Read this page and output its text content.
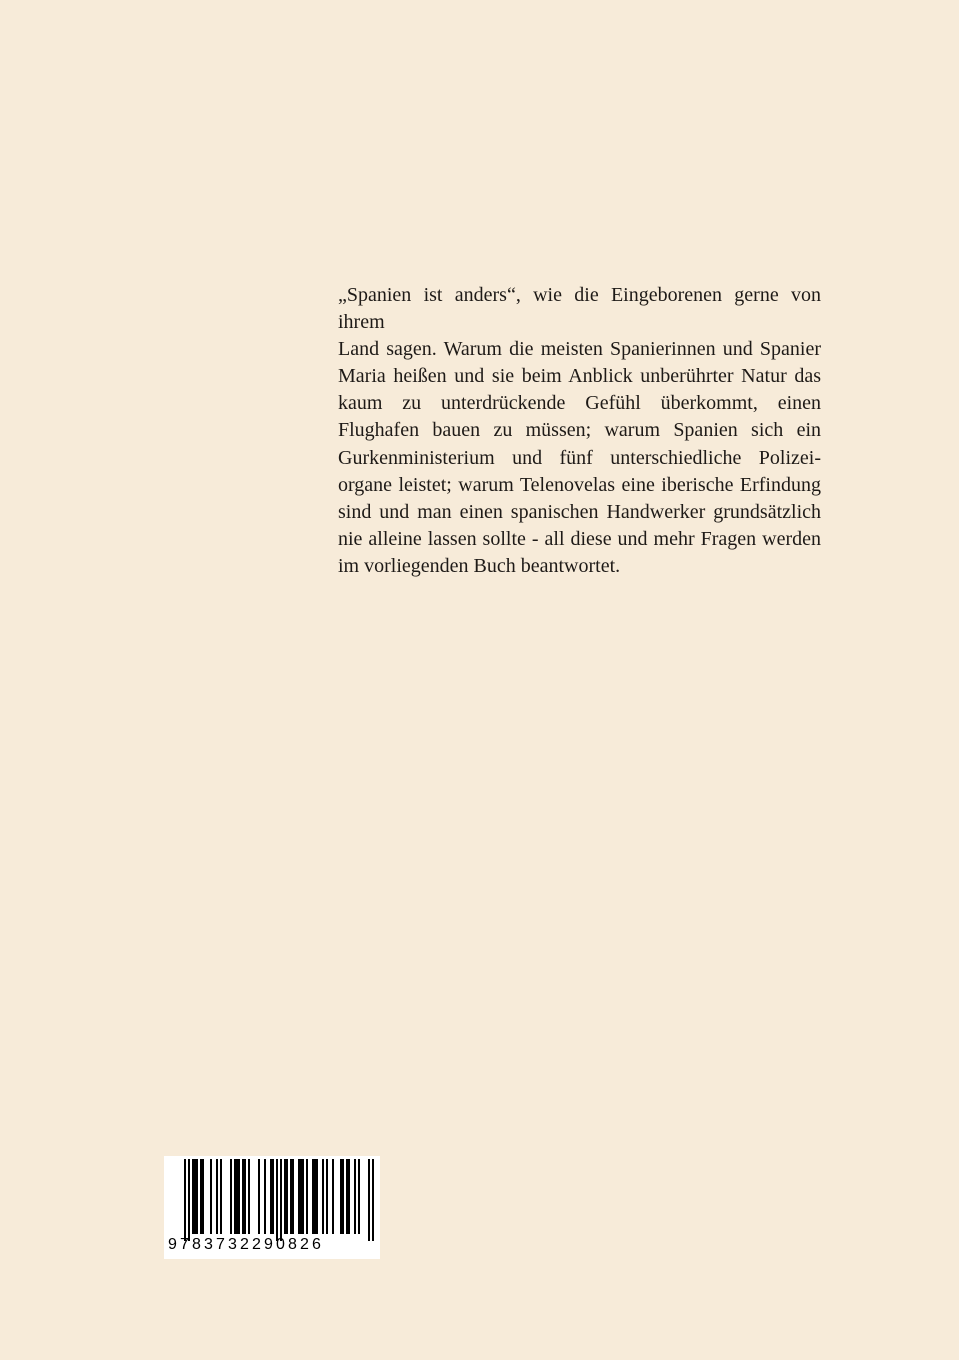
„Spanien ist anders“, wie die Eingeborenen gerne von ihrem
Land sagen. Warum die meisten Spanierinnen und Spanier
Maria heißen und sie beim Anblick unberührter Natur das
kaum zu unterdrückende Gefühl überkommt, einen
Flughafen bauen zu müssen; warum Spanien sich ein
Gurkenministerium und fünf unterschiedliche Polizei-
organe leistet; warum Telenovelas eine iberische Erfindung
sind und man einen spanischen Handwerker grundsätzlich
nie alleine lassen sollte - all diese und mehr Fragen werden
im vorliegenden Buch beantwortet.

9783732290826
